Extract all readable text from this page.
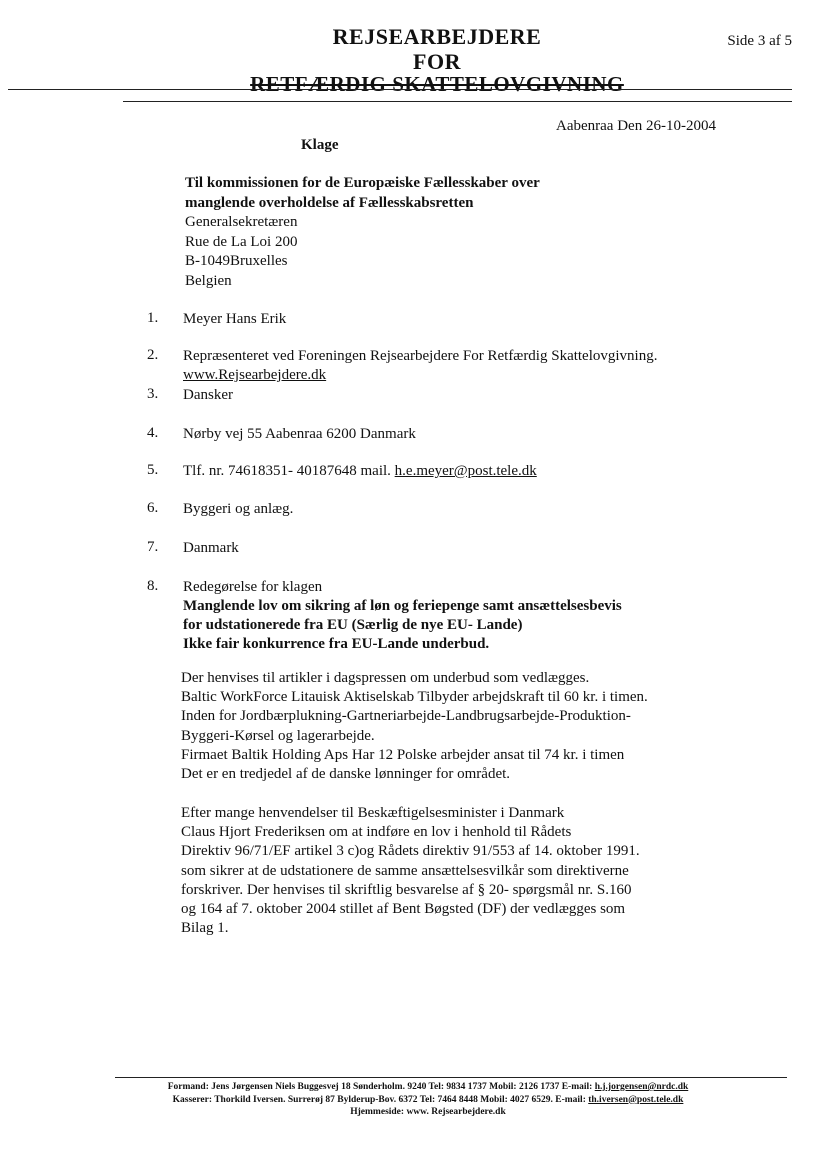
REJSEARBEJDERE
FOR
RETFÆRDIG SKATTELOVGIVNING
Side 3 af 5
Aabenraa Den 26-10-2004
Klage
Til kommissionen for de Europæiske Fællesskaber over
manglende overholdelse af Fællesskabsretten
Generalsekretæren
Rue de La Loi 200
B-1049Bruxelles
Belgien
1. Meyer Hans Erik
2. Repræsenteret ved Foreningen Rejsearbejdere For Retfærdig Skattelovgivning.
www.Rejsearbejdere.dk
3. Dansker
4. Nørby vej 55 Aabenraa 6200 Danmark
5. Tlf. nr. 74618351- 40187648 mail. h.e.meyer@post.tele.dk
6. Byggeri og anlæg.
7. Danmark
8. Redegørelse for klagen
Manglende lov om sikring af løn og feriepenge samt ansættelsesbevis
for udstationerede fra EU (Særlig de nye EU- Lande)
Ikke fair konkurrence fra EU-Lande underbud.
Der henvises til artikler i dagspressen om underbud som vedlægges.
Baltic WorkForce Litauisk Aktiselskab Tilbyder arbejdskraft til 60 kr. i timen.
Inden for Jordbærplukning-Gartneriarbejde-Landbrugsarbejde-Produktion-
Byggeri-Kørsel og lagerarbejde.
Firmaet Baltik Holding Aps Har 12 Polske arbejder ansat til 74 kr. i timen
Det er en tredjedel af de danske lønninger for området.
Efter mange henvendelser til Beskæftigelsesminister i Danmark
Claus Hjort Frederiksen om at indføre en lov i henhold til Rådets
Direktiv 96/71/EF artikel 3 c)og Rådets direktiv 91/553 af 14. oktober 1991.
som sikrer at de udstationere de samme ansættelsesvilkår som direktiverne
forskriver. Der henvises til skriftlig besvarelse af § 20- spørgsmål nr. S.160
og 164 af 7. oktober 2004 stillet af Bent Bøgsted (DF) der vedlægges som
Bilag 1.
Formand: Jens Jørgensen Niels Buggesvej 18 Sønderholm. 9240 Tel: 9834 1737 Mobil: 2126 1737 E-mail: h.j.jorgensen@nrdc.dk
Kasserer: Thorkild Iversen. Surrerøj 87 Bylderup-Bov. 6372 Tel: 7464 8448 Mobil: 4027 6529. E-mail: th.iversen@post.tele.dk
Hjemmeside: www. Rejsearbejdere.dk
